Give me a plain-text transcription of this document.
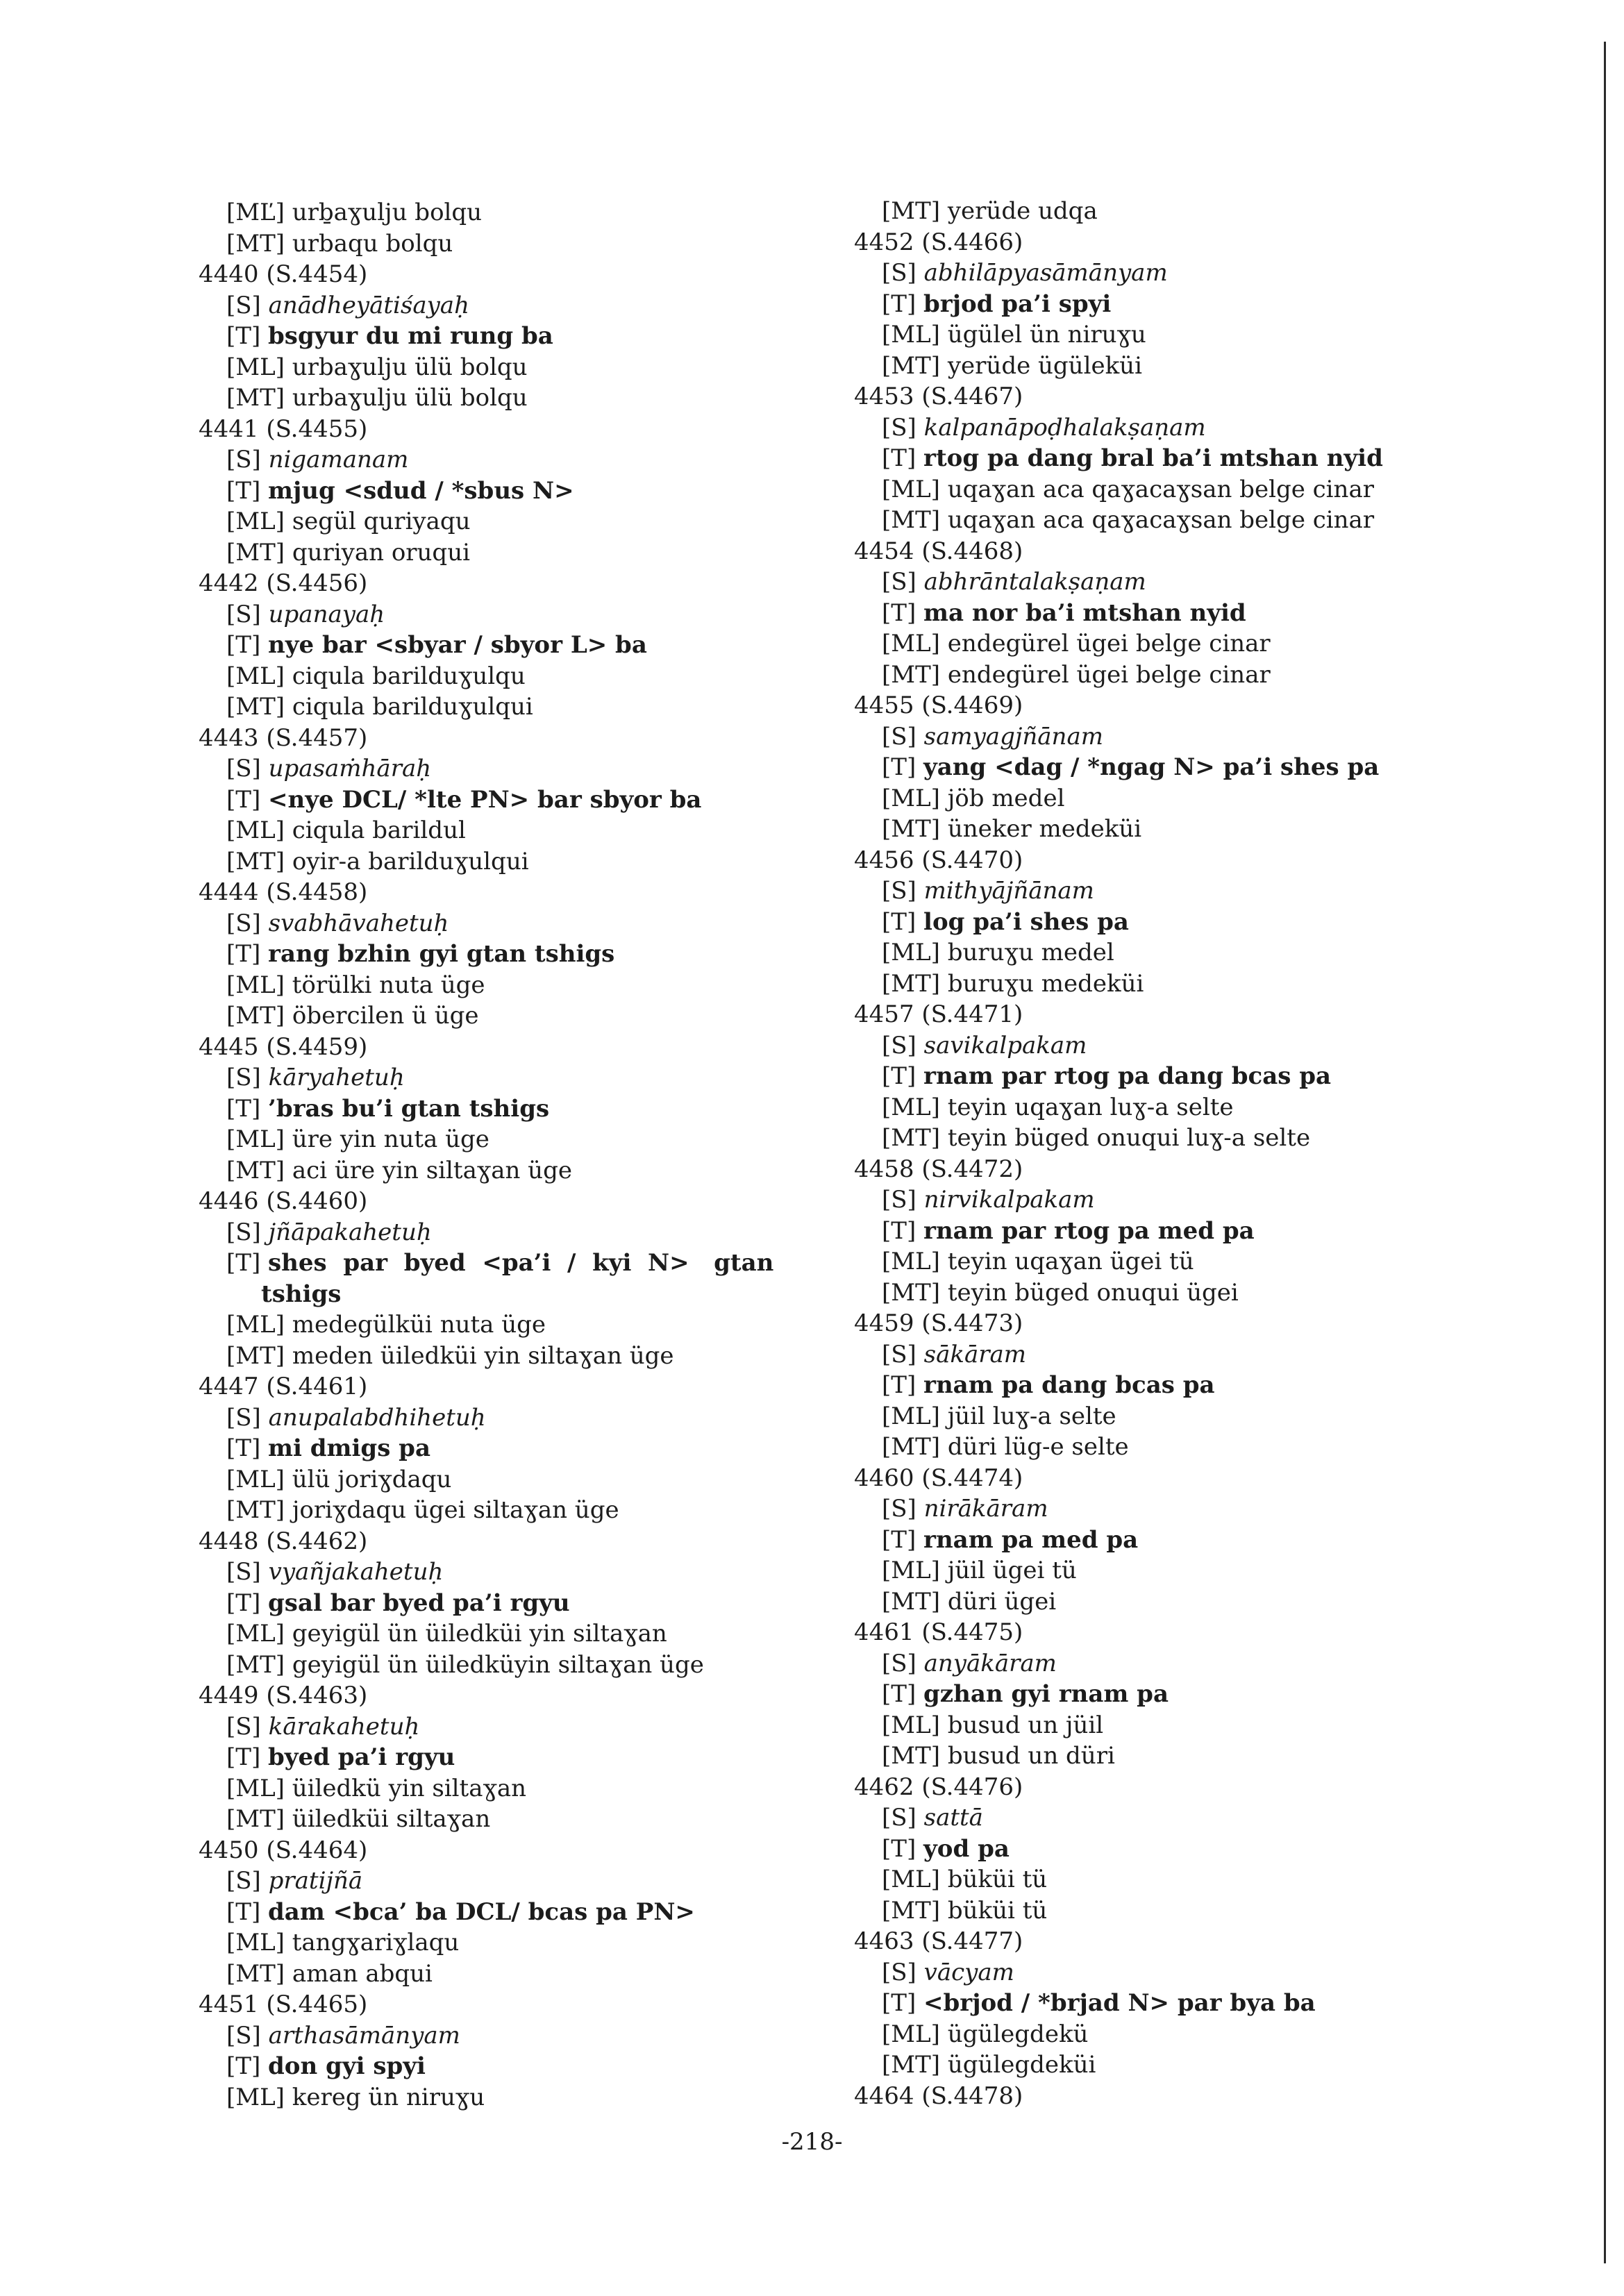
[MĽ] urḇaɣulju bolqu
[MT] urbaqu bolqu
4440 (S.4454)
[S] anādheyātiśayaḥ
[T] bsgyur du mi rung ba
[ML] urbaɣulju ülü bolqu
[MT] urbaɣulju ülü bolqu
4441 (S.4455)
[S] nigamanam
[T] mjug <sdud / *sbus N>
[ML] segül quriyaqu
[MT] quriyan oruqui
4442 (S.4456)
[S] upanayaḥ
[T] nye bar <sbyar / sbyor L> ba
[ML] ciqula barilduɣulqu
[MT] ciqula barilduɣulqui
4443 (S.4457)
[S] upasaṁhāraḥ
[T] <nye DCL/ *lte PN> bar sbyor ba
[ML] ciqula barildul
[MT] oyir-a barilduɣulqui
4444 (S.4458)
[S] svabhāvahetuḥ
[T] rang bzhin gyi gtan tshigs
[ML] törülki nuta üge
[MT] öbercilen ü üge
4445 (S.4459)
[S] kāryahetuḥ
[T] ’bras bu’i gtan tshigs
[ML] üre yin nuta üge
[MT] aci üre yin siltaɣan üge
4446 (S.4460)
[S] jñāpakahetuḥ
[T] shes  par  byed  <pa’i  /  kyi  N>   gtan
tshigs
[ML] medegülküi nuta üge
[MT] meden üiledküi yin siltaɣan üge
4447 (S.4461)
[S] anupalabdhihetuḥ
[T] mi dmigs pa
[ML] ülü joriɣdaqu
[MT] joriɣdaqu ügei siltaɣan üge
4448 (S.4462)
[S] vyañjakahetuḥ
[T] gsal bar byed pa’i rgyu
[ML] geyigül ün üiledküi yin siltaɣan
[MT] geyigül ün üiledküyin siltaɣan üge
4449 (S.4463)
[S] kārakahetuḥ
[T] byed pa’i rgyu
[ML] üiledkü yin siltaɣan
[MT] üiledküi siltaɣan
4450 (S.4464)
[S] pratijñā
[T] dam <bca’ ba DCL/ bcas pa PN>
[ML] tangɣariɣlaqu
[MT] aman abqui
4451 (S.4465)
[S] arthasāmānyam
[T] don gyi spyi
[ML] kereg ün niruɣu
[MT] yerüde udqa
4452 (S.4466)
[S] abhilāpyasāmānyam
[T] brjod pa’i spyi
[ML] ügülel ün niruɣu
[MT] yerüde ügüleküi
4453 (S.4467)
[S] kalpanāpoḍhalakṣaṇam
[T] rtog pa dang bral ba’i mtshan nyid
[ML] uqaɣan aca qaɣacaɣsan belge cinar
[MT] uqaɣan aca qaɣacaɣsan belge cinar
4454 (S.4468)
[S] abhrāntalakṣaṇam
[T] ma nor ba’i mtshan nyid
[ML] endegürel ügei belge cinar
[MT] endegürel ügei belge cinar
4455 (S.4469)
[S] samyagjñānam
[T] yang <dag / *ngag N> pa’i shes pa
[ML] jöb medel
[MT] üneker medeküi
4456 (S.4470)
[S] mithyājñānam
[T] log pa’i shes pa
[ML] buruɣu medel
[MT] buruɣu medeküi
4457 (S.4471)
[S] savikalpakam
[T] rnam par rtog pa dang bcas pa
[ML] teyin uqaɣan luɣ-a selte
[MT] teyin büged onuqui luɣ-a selte
4458 (S.4472)
[S] nirvikalpakam
[T] rnam par rtog pa med pa
[ML] teyin uqaɣan ügei tü
[MT] teyin büged onuqui ügei
4459 (S.4473)
[S] sākāram
[T] rnam pa dang bcas pa
[ML] jüil luɣ-a selte
[MT] düri lüg-e selte
4460 (S.4474)
[S] nirākāram
[T] rnam pa med pa
[ML] jüil ügei tü
[MT] düri ügei
4461 (S.4475)
[S] anyākāram
[T] gzhan gyi rnam pa
[ML] busud un jüil
[MT] busud un düri
4462 (S.4476)
[S] sattā
[T] yod pa
[ML] büküi tü
[MT] büküi tü
4463 (S.4477)
[S] vācyam
[T] <brjod / *brjad N> par bya ba
[ML] ügülegdekü
[MT] ügülegdeküi
4464 (S.4478)
-218-
